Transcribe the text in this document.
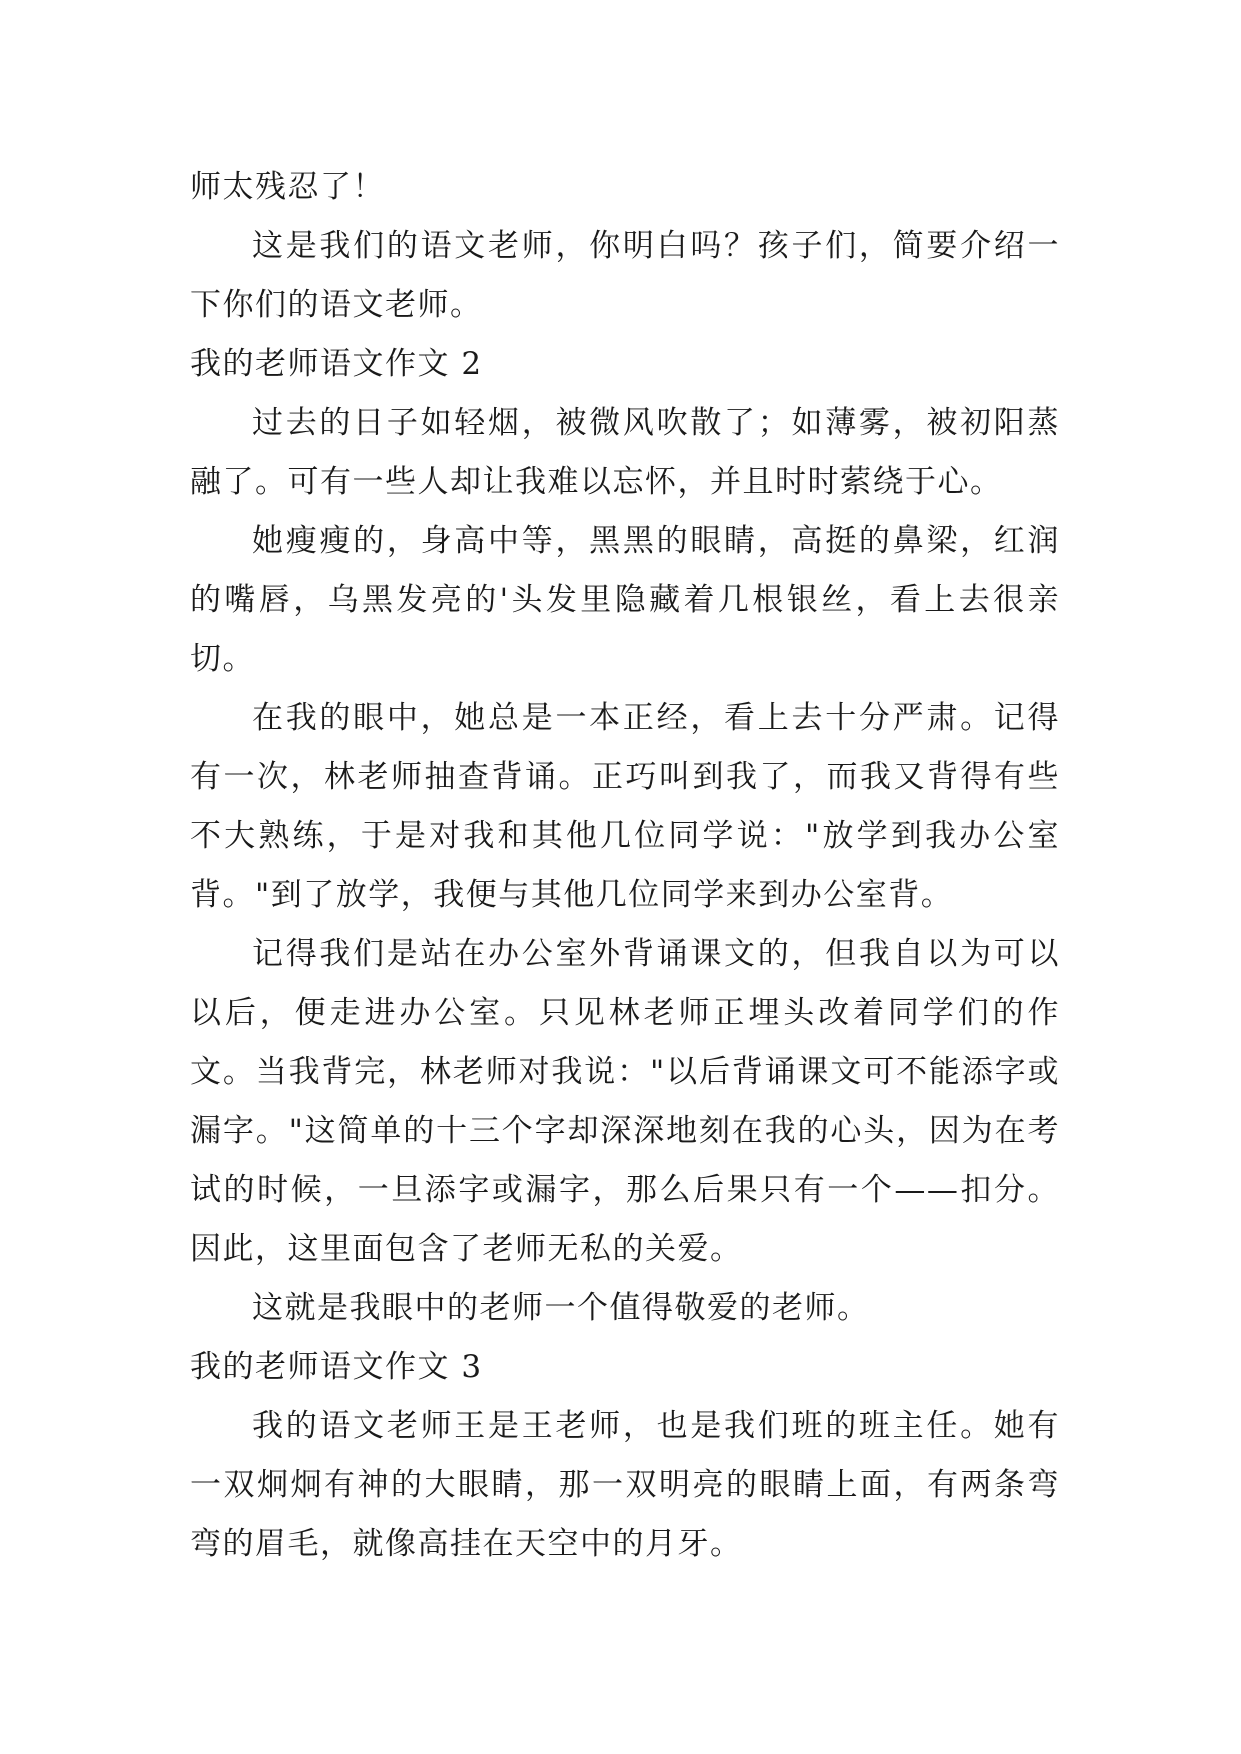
师太残忍了！

这是我们的语文老师，你明白吗？孩子们，简要介绍一下你们的语文老师。

我的老师语文作文 2

过去的日子如轻烟，被微风吹散了；如薄雾，被初阳蒸融了。可有一些人却让我难以忘怀，并且时时萦绕于心。

她瘦瘦的，身高中等，黑黑的眼睛，高挺的鼻梁，红润的嘴唇，乌黑发亮的'头发里隐藏着几根银丝，看上去很亲切。

在我的眼中，她总是一本正经，看上去十分严肃。记得有一次，林老师抽查背诵。正巧叫到我了，而我又背得有些不大熟练，于是对我和其他几位同学说："放学到我办公室背。"到了放学，我便与其他几位同学来到办公室背。

记得我们是站在办公室外背诵课文的，但我自以为可以以后，便走进办公室。只见林老师正埋头改着同学们的作文。当我背完，林老师对我说："以后背诵课文可不能添字或漏字。"这简单的十三个字却深深地刻在我的心头，因为在考试的时候，一旦添字或漏字，那么后果只有一个——扣分。因此，这里面包含了老师无私的关爱。

这就是我眼中的老师一个值得敬爱的老师。

我的老师语文作文 3

我的语文老师王是王老师，也是我们班的班主任。她有一双炯炯有神的大眼睛，那一双明亮的眼睛上面，有两条弯弯的眉毛，就像高挂在天空中的月牙。
